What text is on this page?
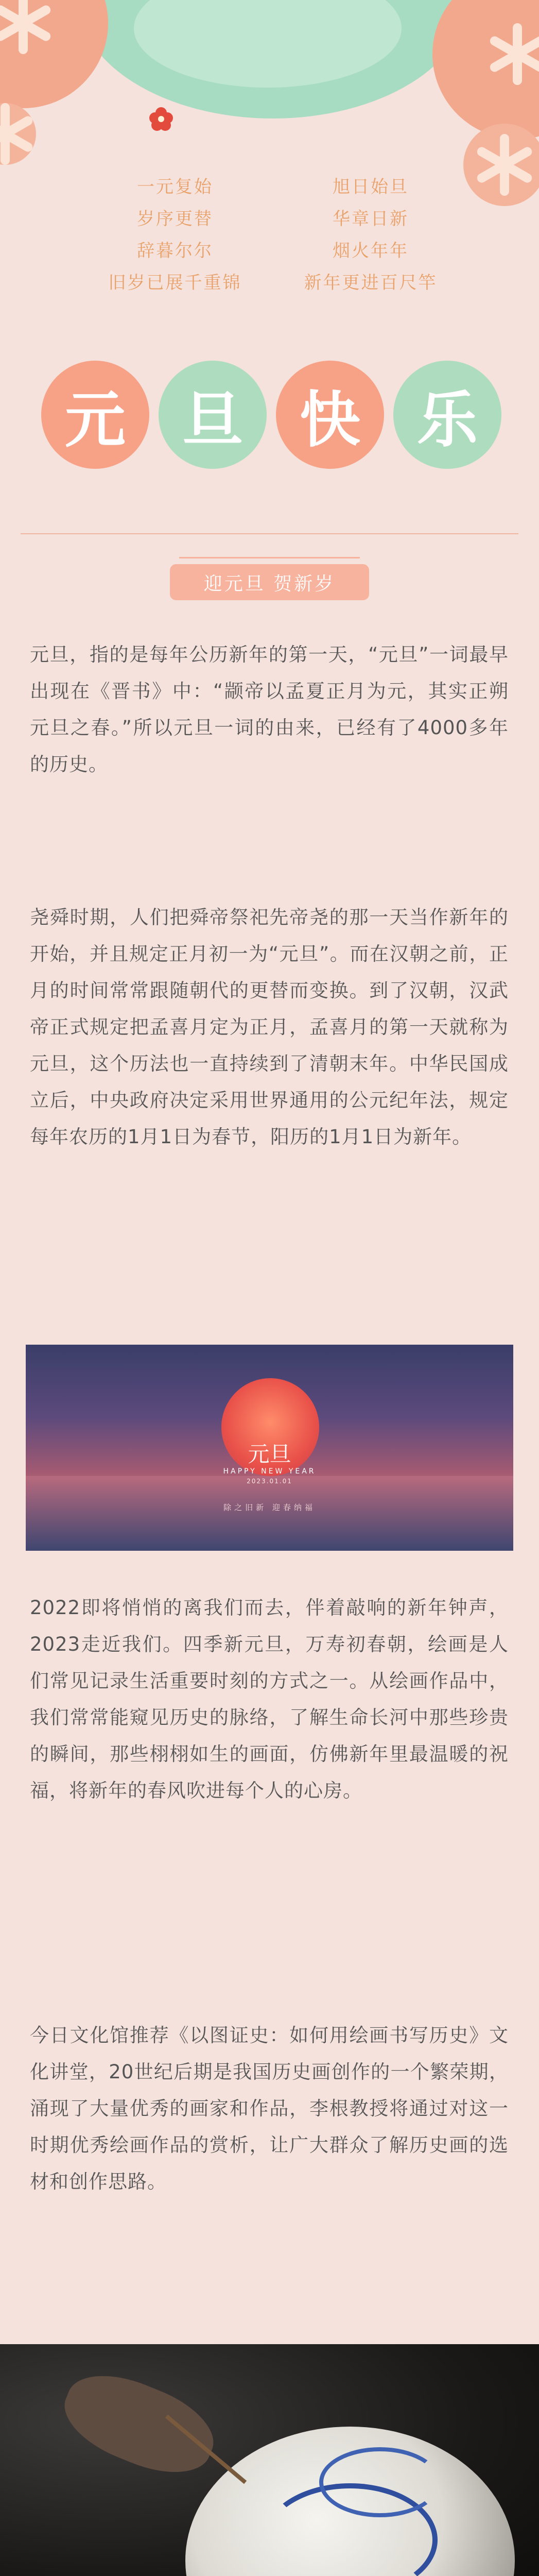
一元复始	旭日始旦
岁序更替	华章日新
辞暮尔尔	烟火年年
旧岁已展千重锦	新年更进百尺竿
元 旦 快 乐
迎元旦 贺新岁
元旦，指的是每年公历新年的第一天，“元旦”一词最早出现在《晋书》中：“颛帝以孟夏正月为元，其实正朔元旦之春。”所以元旦一词的由来，已经有了4000多年的历史。
尧舜时期，人们把舜帝祭祀先帝尧的那一天当作新年的开始，并且规定正月初一为“元旦”。而在汉朝之前，正月的时间常常跟随朝代的更替而变换。到了汉朝，汉武帝正式规定把孟喜月定为正月，孟喜月的第一天就称为元旦，这个历法也一直持续到了清朝末年。中华民国成立后，中央政府决定采用世界通用的公元纪年法，规定每年农历的1月1日为春节，阳历的1月1日为新年。
元旦
HAPPY NEW YEAR
2023.01.01
除之旧新 迎春纳福
2022即将悄悄的离我们而去，伴着敲响的新年钟声，2023走近我们。四季新元旦，万寿初春朝，绘画是人们常见记录生活重要时刻的方式之一。从绘画作品中，我们常常能窥见历史的脉络，了解生命长河中那些珍贵的瞬间，那些栩栩如生的画面，仿佛新年里最温暖的祝福，将新年的春风吹进每个人的心房。
今日文化馆推荐《以图证史：如何用绘画书写历史》文化讲堂，20世纪后期是我国历史画创作的一个繁荣期，涌现了大量优秀的画家和作品，李根教授将通过对这一时期优秀绘画作品的赏析，让广大群众了解历史画的选材和创作思路。
